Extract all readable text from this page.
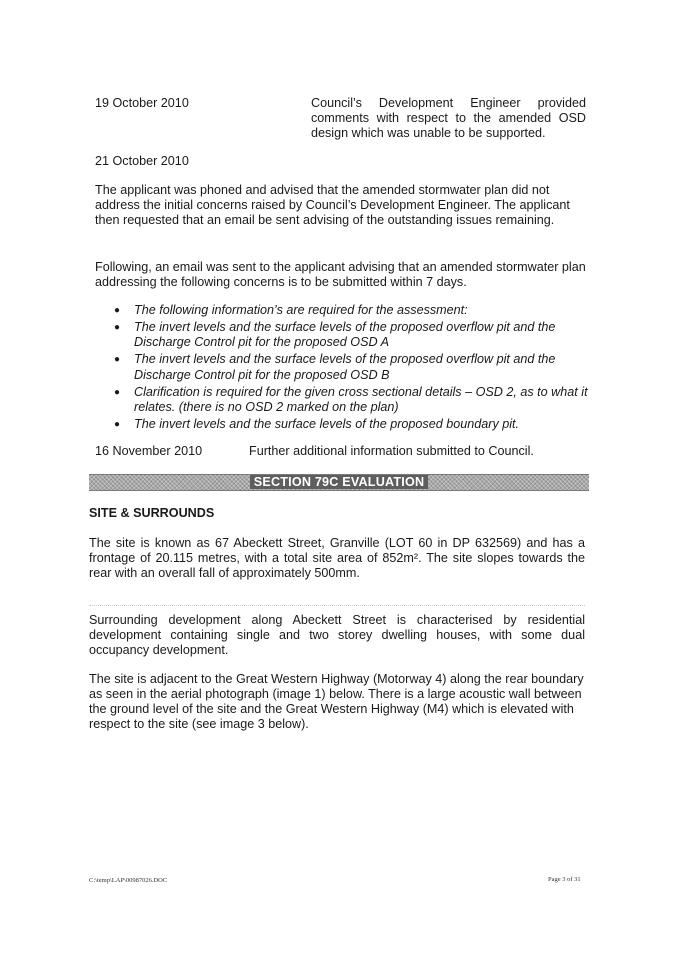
19 October 2010	Council’s Development Engineer provided
comments with respect to the amended OSD
design which was unable to be supported.
21 October 2010

The applicant was phoned and advised that the amended stormwater plan did not address the initial concerns raised by Council’s Development Engineer. The applicant then requested that an email be sent advising of the outstanding issues remaining.

Following, an email was sent to the applicant advising that an amended stormwater plan addressing the following concerns is to be submitted within 7 days.

● The following information’s are required for the assessment:
● The invert levels and the surface levels of the proposed overflow pit and the Discharge Control pit for the proposed OSD A
● The invert levels and the surface levels of the proposed overflow pit and the Discharge Control pit for the proposed OSD B
● Clarification is required for the given cross sectional details – OSD 2, as to what it relates. (there is no OSD 2 marked on the plan)
● The invert levels and the surface levels of the proposed boundary pit.
16 November 2010	Further additional information submitted to Council.
SECTION 79C EVALUATION
SITE & SURROUNDS

The site is known as 67 Abeckett Street, Granville (LOT 60 in DP 632569) and has a frontage of 20.115 metres, with a total site area of 852m². The site slopes towards the rear with an overall fall of approximately 500mm.

Surrounding development along Abeckett Street is characterised by residential development containing single and two storey dwelling houses, with some dual occupancy development.

The site is adjacent to the Great Western Highway (Motorway 4) along the rear boundary as seen in the aerial photograph (image 1) below. There is a large acoustic wall between the ground level of the site and the Great Western Highway (M4) which is elevated with respect to the site (see image 3 below).

C:\temp\LAP\00987026.DOC	Page 3 of 31
